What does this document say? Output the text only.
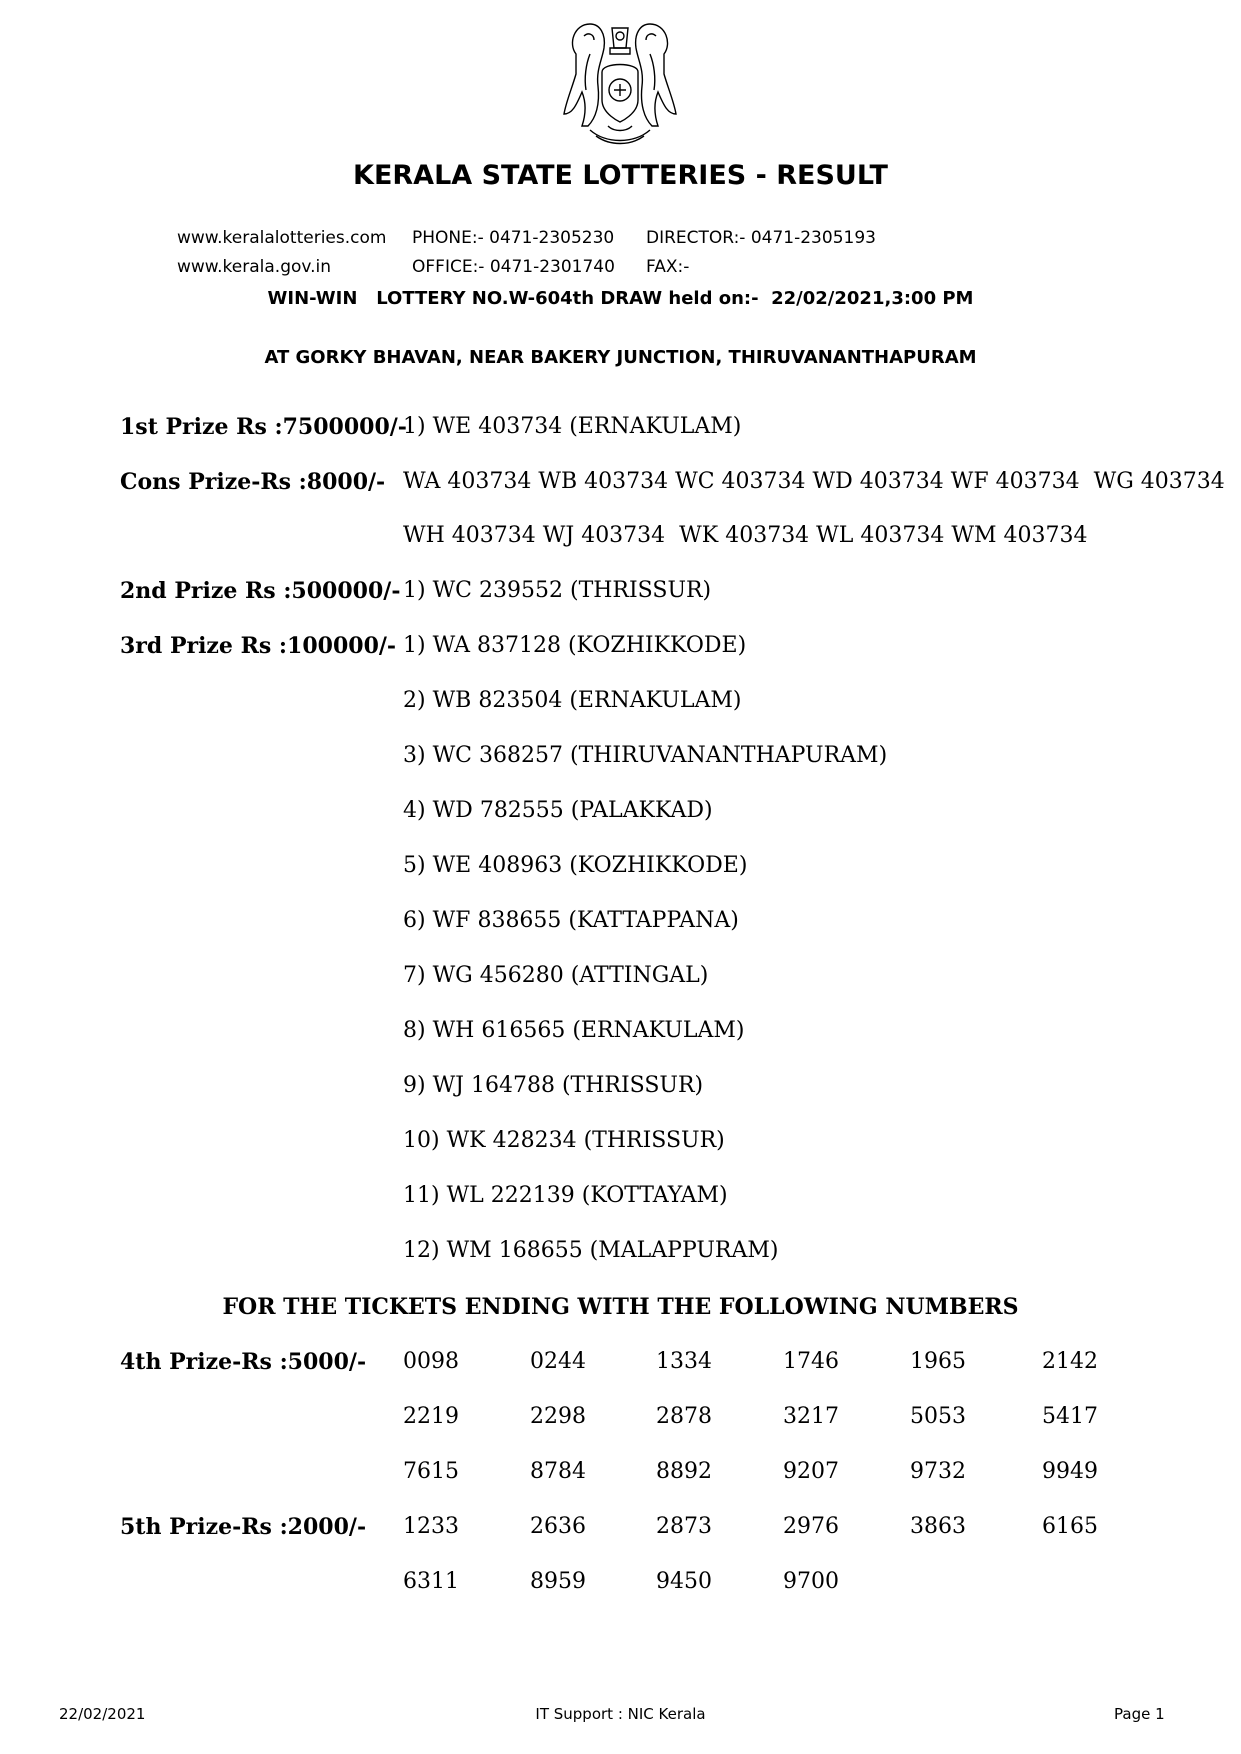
KERALA STATE LOTTERIES - RESULT
www.keralalotteries.com PHONE:- 0471-2305230 DIRECTOR:- 0471-2305193
www.kerala.gov.in	OFFICE:- 0471-2301740 FAX:-
WIN-WIN   LOTTERY NO.W-604th DRAW held on:-  22/02/2021,3:00 PM
AT GORKY BHAVAN, NEAR BAKERY JUNCTION, THIRUVANANTHAPURAM
1st Prize Rs :7500000/-
1) WE 403734 (ERNAKULAM)
Cons Prize-Rs :8000/- WA 403734 WB 403734 WC 403734 WD 403734 WF 403734  WG 403734
WH 403734 WJ 403734  WK 403734 WL 403734 WM 403734
2nd Prize Rs :500000/- 1) WC 239552 (THRISSUR)
3rd Prize Rs :100000/- 1) WA 837128 (KOZHIKKODE)
2) WB 823504 (ERNAKULAM)
3) WC 368257 (THIRUVANANTHAPURAM)
4) WD 782555 (PALAKKAD)
5) WE 408963 (KOZHIKKODE)
6) WF 838655 (KATTAPPANA)
7) WG 456280 (ATTINGAL)
8) WH 616565 (ERNAKULAM)
9) WJ 164788 (THRISSUR)
10) WK 428234 (THRISSUR)
11) WL 222139 (KOTTAYAM)
12) WM 168655 (MALAPPURAM)
FOR THE TICKETS ENDING WITH THE FOLLOWING NUMBERS
4th Prize-Rs :5000/- 0098	0244	1334	1746	1965	2142
2219	2298	2878	3217	5053	5417
7615	8784	8892	9207	9732	9949
5th Prize-Rs :2000/- 1233	2636	2873	2976	3863	6165
6311	8959	9450	9700
22/02/2021	IT Support : NIC Kerala	Page 1
